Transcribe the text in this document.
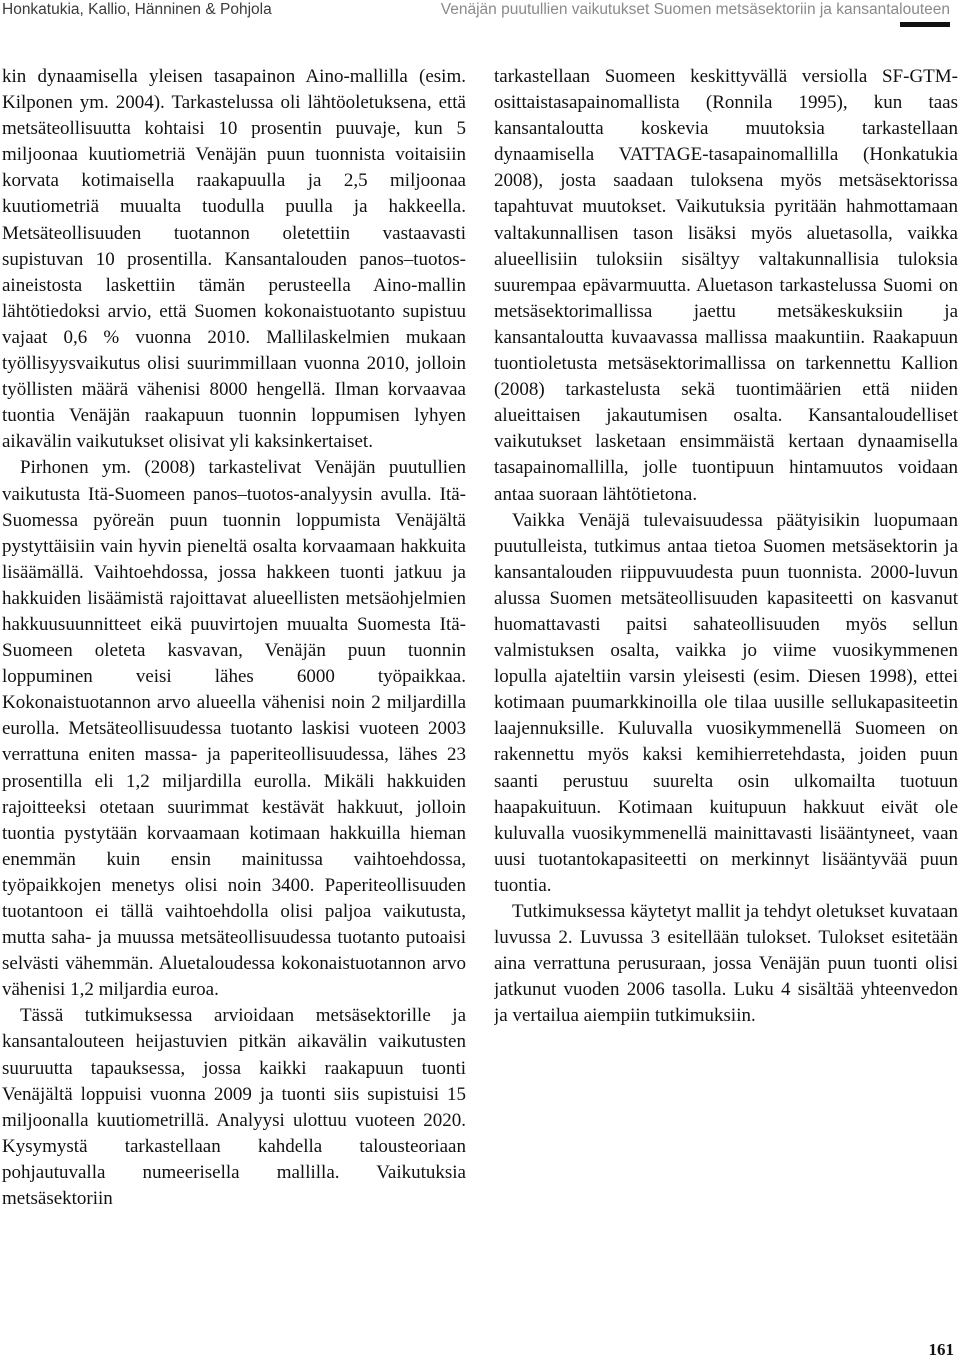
Honkatukia, Kallio, Hänninen & Pohjola	Venäjän puutullien vaikutukset Suomen metsäsektoriin ja kansantalouteen

kin dynaamisella yleisen tasapainon Aino-mallilla (esim. Kilponen ym. 2004). Tarkastelussa oli lähtöoletuksena, että metsäteollisuutta kohtaisi 10 prosentin puuvaje, kun 5 miljoonaa kuutiometriä Venäjän puun tuonnista voitaisiin korvata kotimaisella raakapuulla ja 2,5 miljoonaa kuutiometriä muualta tuodulla puulla ja hakkeella. Metsäteollisuuden tuotannon oletettiin vastaavasti supistuvan 10 prosentilla. Kansantalouden panos–tuotos-aineistosta laskettiin tämän perusteella Aino-mallin lähtötiedoksi arvio, että Suomen kokonaistuotanto supistuu vajaat 0,6 % vuonna 2010. Mallilaskelmien mukaan työllisyysvaikutus olisi suurimmillaan vuonna 2010, jolloin työllisten määrä vähenisi 8000 hengellä. Ilman korvaavaa tuontia Venäjän raakapuun tuonnin loppumisen lyhyen aikavälin vaikutukset olisivat yli kaksinkertaiset.

Pirhonen ym. (2008) tarkastelivat Venäjän puutullien vaikutusta Itä-Suomeen panos–tuotos-analyysin avulla. Itä-Suomessa pyöreän puun tuonnin loppumista Venäjältä pystyttäisiin vain hyvin pieneltä osalta korvaamaan hakkuita lisäämällä. Vaihtoehdossa, jossa hakkeen tuonti jatkuu ja hakkuiden lisäämistä rajoittavat alueellisten metsäohjelmien hakkuusuunnitteet eikä puuvirtojen muualta Suomesta Itä-Suomeen oleteta kasvavan, Venäjän puun tuonnin loppuminen veisi lähes 6000 työpaikkaa. Kokonaistuotannon arvo alueella vähenisi noin 2 miljardilla eurolla. Metsäteollisuudessa tuotanto laskisi vuoteen 2003 verrattuna eniten massa- ja paperiteollisuudessa, lähes 23 prosentilla eli 1,2 miljardilla eurolla. Mikäli hakkuiden rajoitteeksi otetaan suurimmat kestävät hakkuut, jolloin tuontia pystytään korvaamaan kotimaan hakkuilla hieman enemmän kuin ensin mainitussa vaihtoehdossa, työpaikkojen menetys olisi noin 3400. Paperiteollisuuden tuotantoon ei tällä vaihtoehdolla olisi paljoa vaikutusta, mutta saha- ja muussa metsäteollisuudessa tuotanto putoaisi selvästi vähemmän. Aluetaloudessa kokonaistuotannon arvo vähenisi 1,2 miljardia euroa.

Tässä tutkimuksessa arvioidaan metsäsektorille ja kansantalouteen heijastuvien pitkän aikavälin vaikutusten suuruutta tapauksessa, jossa kaikki raakapuun tuonti Venäjältä loppuisi vuonna 2009 ja tuonti siis supistuisi 15 miljoonalla kuutiometrillä. Analyysi ulottuu vuoteen 2020. Kysymystä tarkastellaan kahdella talousteoriaan pohjautuvalla numeerisella mallilla. Vaikutuksia metsäsektoriin

tarkastellaan Suomeen keskittyvällä versiolla SF-GTM-osittaistasapainomallista (Ronnila 1995), kun taas kansantaloutta koskevia muutoksia tarkastellaan dynaamisella VATTAGE-tasapainomallilla (Honkatukia 2008), josta saadaan tuloksena myös metsäsektorissa tapahtuvat muutokset. Vaikutuksia pyritään hahmottamaan valtakunnallisen tason lisäksi myös aluetasolla, vaikka alueellisiin tuloksiin sisältyy valtakunnallisia tuloksia suurempaa epävarmuutta. Aluetason tarkastelussa Suomi on metsäsektorimallissa jaettu metsäkeskuksiin ja kansantaloutta kuvaavassa mallissa maakuntiin. Raakapuun tuontioletusta metsäsektorimallissa on tarkennettu Kallion (2008) tarkastelusta sekä tuontimäärien että niiden alueittaisen jakautumisen osalta. Kansantaloudelliset vaikutukset lasketaan ensimmäistä kertaan dynaamisella tasapainomallilla, jolle tuontipuun hintamuutos voidaan antaa suoraan lähtötietona.

Vaikka Venäjä tulevaisuudessa päätyisikin luopumaan puutulleista, tutkimus antaa tietoa Suomen metsäsektorin ja kansantalouden riippuvuudesta puun tuonnista. 2000-luvun alussa Suomen metsäteollisuuden kapasiteetti on kasvanut huomattavasti paitsi sahateollisuuden myös sellun valmistuksen osalta, vaikka jo viime vuosikymmenen lopulla ajateltiin varsin yleisesti (esim. Diesen 1998), ettei kotimaan puumarkkinoilla ole tilaa uusille sellukapasiteetin laajennuksille. Kuluvalla vuosikymmenellä Suomeen on rakennettu myös kaksi kemihierretehdasta, joiden puun saanti perustuu suurelta osin ulkomailta tuotuun haapakuituun. Kotimaan kuitupuun hakkuut eivät ole kuluvalla vuosikymmenellä mainittavasti lisääntyneet, vaan uusi tuotantokapasiteetti on merkinnyt lisääntyvää puun tuontia.

Tutkimuksessa käytetyt mallit ja tehdyt oletukset kuvataan luvussa 2. Luvussa 3 esitellään tulokset. Tulokset esitetään aina verrattuna perusuraan, jossa Venäjän puun tuonti olisi jatkunut vuoden 2006 tasolla. Luku 4 sisältää yhteenvedon ja vertailua aiempiin tutkimuksiin.

161
